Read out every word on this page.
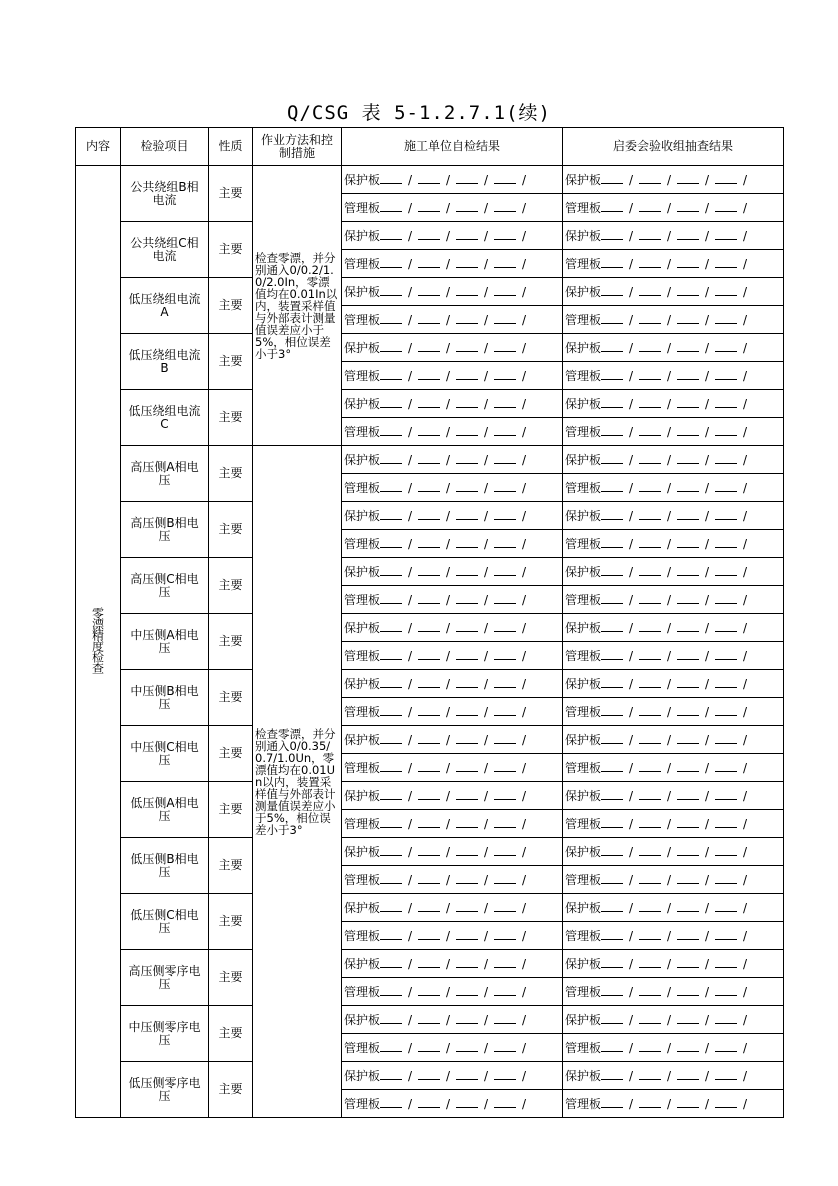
Q/CSG 表 5-1.2.7.1(续)
内容	检验项目	性质	作业方法和控制措施	施工单位自检结果	启委会验收组抽查结果
零漂精度检查	公共绕组B相电流	主要	检查零漂，并分别通入0/0.2/1.0/2.0In，零漂值均在0.01In以内，装置采样值与外部表计测量值误差应小于5%，相位误差小于3°	保护板 / / / /	保护板 / / / /
				管理板 / / / /	管理板 / / / /
	公共绕组C相电流	主要		保护板 / / / /	保护板 / / / /
				管理板 / / / /	管理板 / / / /
	低压绕组电流A	主要		保护板 / / / /	保护板 / / / /
				管理板 / / / /	管理板 / / / /
	低压绕组电流B	主要		保护板 / / / /	保护板 / / / /
				管理板 / / / /	管理板 / / / /
	低压绕组电流C	主要		保护板 / / / /	保护板 / / / /
				管理板 / / / /	管理板 / / / /
	高压侧A相电压	主要	检查零漂，并分别通入0/0.35/0.7/1.0Un，零漂值均在0.01Un以内，装置采样值与外部表计测量值误差应小于5%，相位误差小于3°	保护板 / / / /	保护板 / / / /
				管理板 / / / /	管理板 / / / /
	高压侧B相电压	主要		保护板 / / / /	保护板 / / / /
				管理板 / / / /	管理板 / / / /
	高压侧C相电压	主要		保护板 / / / /	保护板 / / / /
				管理板 / / / /	管理板 / / / /
	中压侧A相电压	主要		保护板 / / / /	保护板 / / / /
				管理板 / / / /	管理板 / / / /
	中压侧B相电压	主要		保护板 / / / /	保护板 / / / /
				管理板 / / / /	管理板 / / / /
	中压侧C相电压	主要		保护板 / / / /	保护板 / / / /
				管理板 / / / /	管理板 / / / /
	低压侧A相电压	主要		保护板 / / / /	保护板 / / / /
				管理板 / / / /	管理板 / / / /
	低压侧B相电压	主要		保护板 / / / /	保护板 / / / /
				管理板 / / / /	管理板 / / / /
	低压侧C相电压	主要		保护板 / / / /	保护板 / / / /
				管理板 / / / /	管理板 / / / /
	高压侧零序电压	主要		保护板 / / / /	保护板 / / / /
				管理板 / / / /	管理板 / / / /
	中压侧零序电压	主要		保护板 / / / /	保护板 / / / /
				管理板 / / / /	管理板 / / / /
	低压侧零序电压	主要		保护板 / / / /	保护板 / / / /
				管理板 / / / /	管理板 / / / /
